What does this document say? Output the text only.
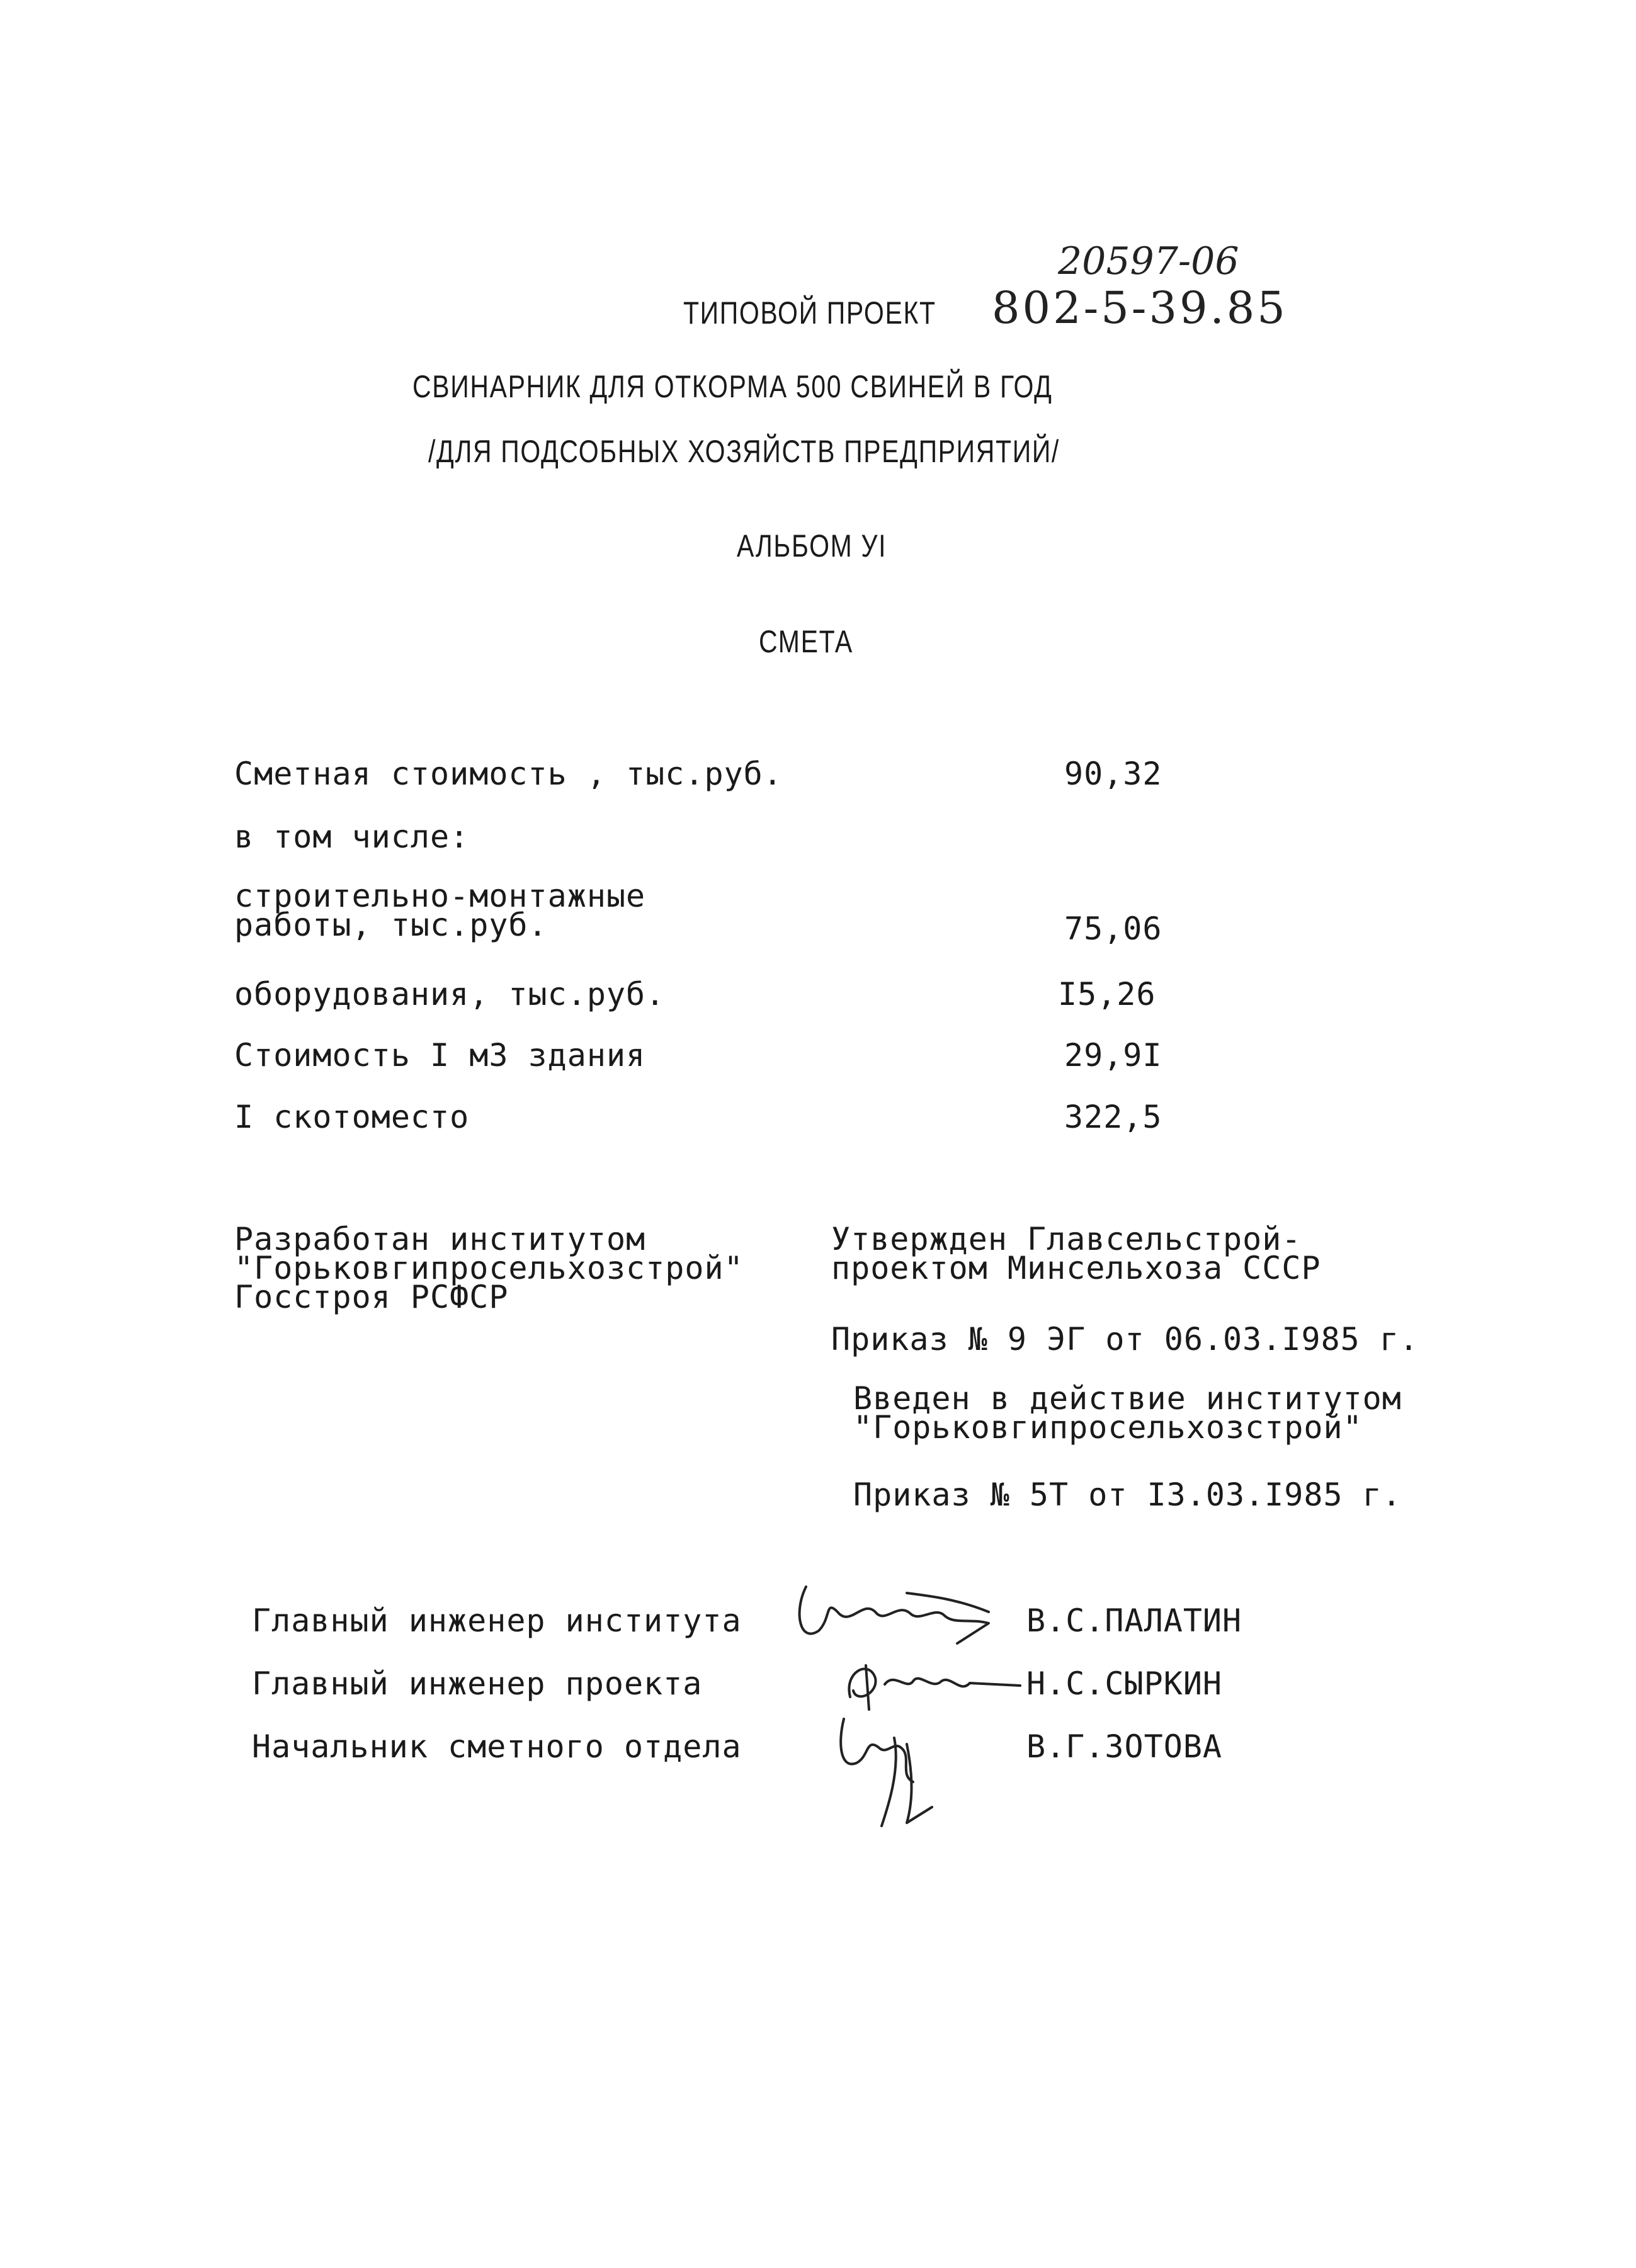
20597-06
ТИПОВОЙ ПРОЕКТ 802-5-39.85
СВИНАРНИК ДЛЯ ОТКОРМА 500 СВИНЕЙ В ГОД
/ДЛЯ ПОДСОБНЫХ ХОЗЯЙСТВ ПРЕДПРИЯТИЙ/
АЛЬБОМ УI
СМЕТА
Сметная стоимость , тыс.руб.	90,32
в том числе:
строительно-монтажные
работы, тыс.руб.	75,06
оборудования, тыс.руб.	I5,26
Стоимость I м3 здания	29,9I
I скотоместо	322,5
Разработан институтом
"Горьковгипросельхозстрой"
Госстроя РСФСР
Утвержден Главсельстрой-
проектом Минсельхоза СССР
Приказ № 9 ЭГ от 06.03.I985 г.
Введен в действие институтом
"Горьковгипросельхозстрой"
Приказ № 5Т от I3.03.I985 г.
Главный инженер института	В.С.ПАЛАТИН
Главный инженер проекта	Н.С.СЫРКИН
Начальник сметного отдела	В.Г.ЗОТОВА
